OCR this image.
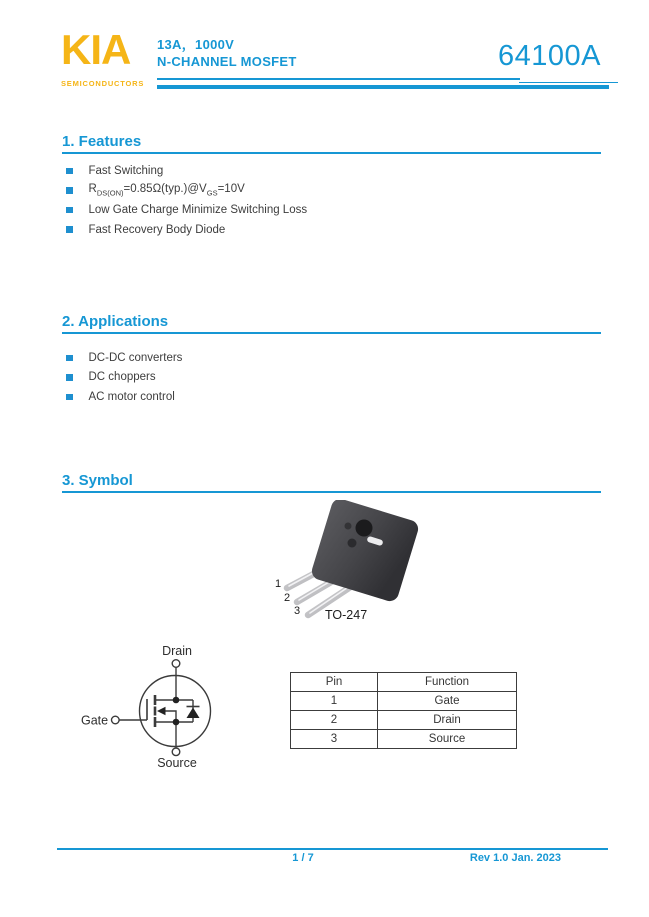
KIA
SEMICONDUCTORS
13A，1000V
N-CHANNEL MOSFET	64100A
1. Features
Fast Switching
$R_{DS(ON)}=0.85\Omega(typ.)@V_{GS}=10V$
Low Gate Charge Minimize Switching Loss
Fast Recovery Body Diode
2. Applications
DC-DC converters
DC choppers
AC motor control
3. Symbol
1
2
3 TO-247
Drain
Gate
Source
Pin	Function
1	Gate
2	Drain
3	Source
1 / 7	Rev 1.0 Jan. 2023
